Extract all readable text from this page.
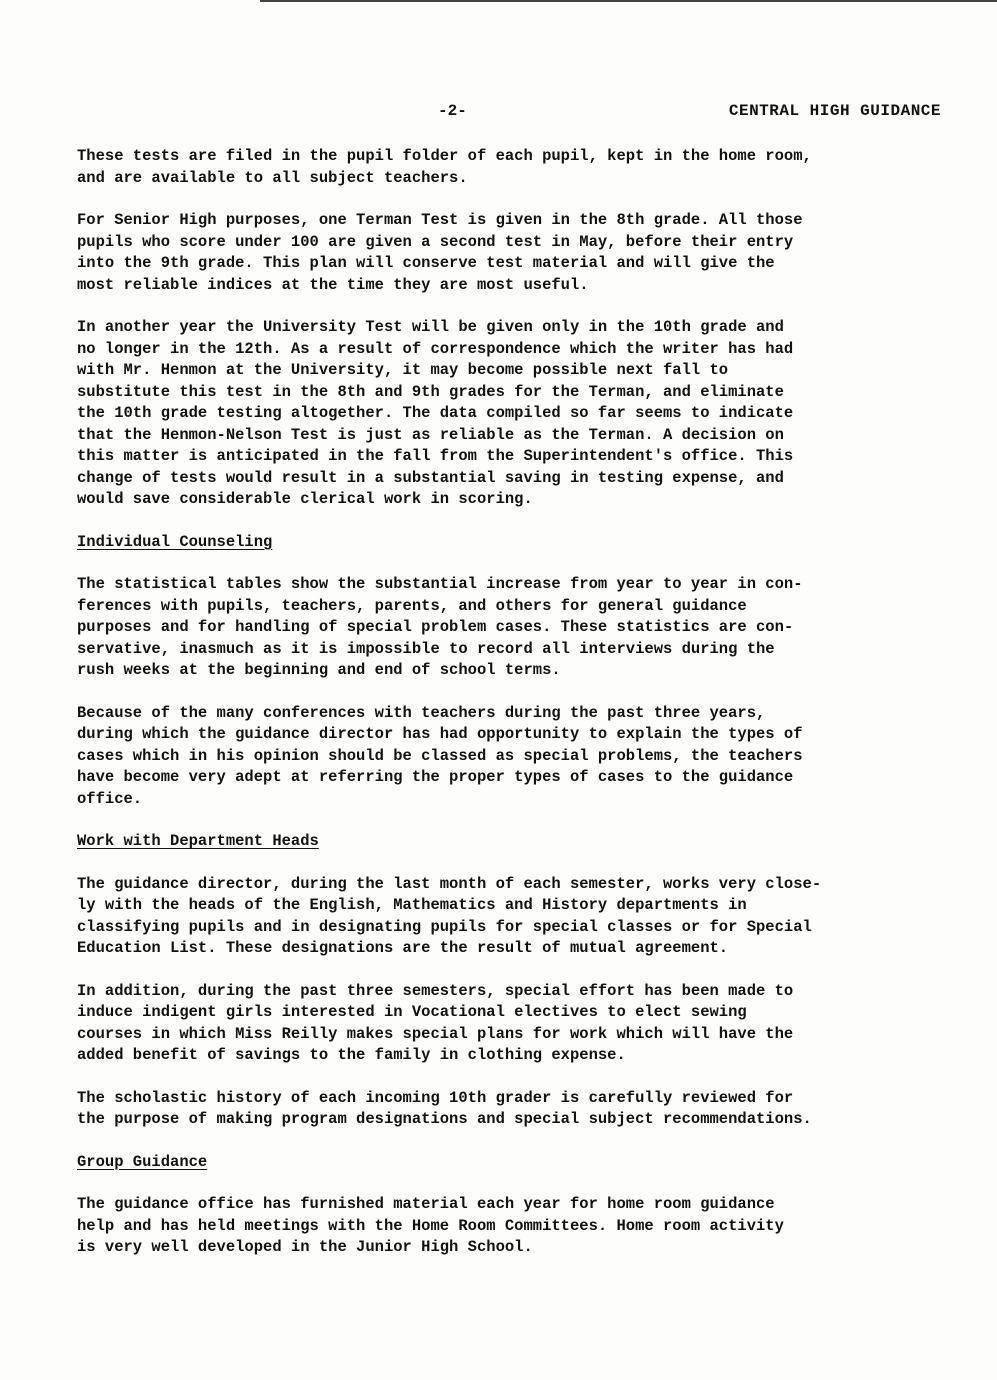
-2-	CENTRAL HIGH GUIDANCE

These tests are filed in the pupil folder of each pupil, kept in the home room,
and are available to all subject teachers.

For Senior High purposes, one Terman Test is given in the 8th grade. All those
pupils who score under 100 are given a second test in May, before their entry
into the 9th grade. This plan will conserve test material and will give the
most reliable indices at the time they are most useful.

In another year the University Test will be given only in the 10th grade and
no longer in the 12th. As a result of correspondence which the writer has had
with Mr. Henmon at the University, it may become possible next fall to
substitute this test in the 8th and 9th grades for the Terman, and eliminate
the 10th grade testing altogether. The data compiled so far seems to indicate
that the Henmon-Nelson Test is just as reliable as the Terman. A decision on
this matter is anticipated in the fall from the Superintendent's office. This
change of tests would result in a substantial saving in testing expense, and
would save considerable clerical work in scoring.

Individual Counseling

The statistical tables show the substantial increase from year to year in con-
ferences with pupils, teachers, parents, and others for general guidance
purposes and for handling of special problem cases. These statistics are con-
servative, inasmuch as it is impossible to record all interviews during the
rush weeks at the beginning and end of school terms.

Because of the many conferences with teachers during the past three years,
during which the guidance director has had opportunity to explain the types of
cases which in his opinion should be classed as special problems, the teachers
have become very adept at referring the proper types of cases to the guidance
office.

Work with Department Heads

The guidance director, during the last month of each semester, works very close-
ly with the heads of the English, Mathematics and History departments in
classifying pupils and in designating pupils for special classes or for Special
Education List. These designations are the result of mutual agreement.

In addition, during the past three semesters, special effort has been made to
induce indigent girls interested in Vocational electives to elect sewing
courses in which Miss Reilly makes special plans for work which will have the
added benefit of savings to the family in clothing expense.

The scholastic history of each incoming 10th grader is carefully reviewed for
the purpose of making program designations and special subject recommendations.

Group Guidance

The guidance office has furnished material each year for home room guidance
help and has held meetings with the Home Room Committees. Home room activity
is very well developed in the Junior High School.
